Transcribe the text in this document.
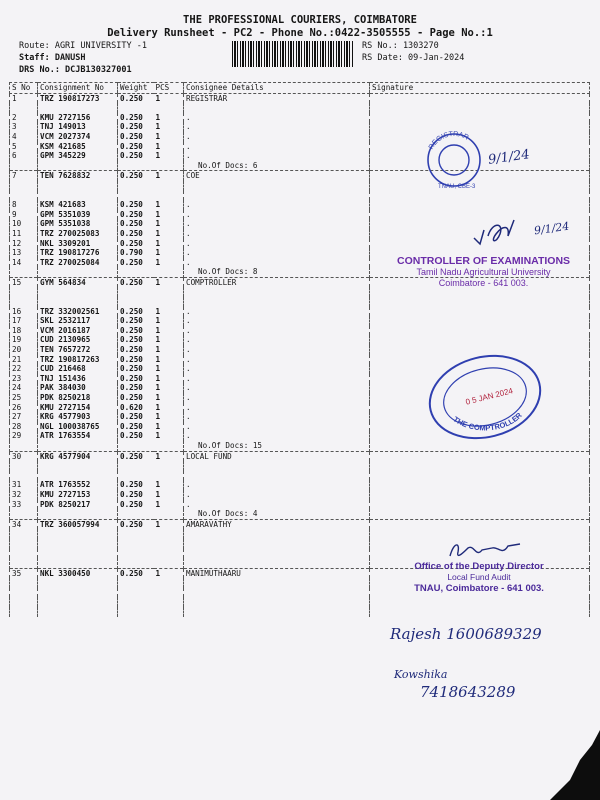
THE PROFESSIONAL COURIERS, COIMBATORE
Delivery Runsheet - PC2 - Phone No.:0422-3505555 - Page No.:1
Route: AGRI UNIVERSITY -1
Staff: DANUSH
DRS No.: DCJB130327001
RS No.: 1303270
RS Date: 09-Jan-2024
S No	Consignment No	Weight	PCS	Consignee Details	Signature
1	TRZ 190817273	0.250	1	REGISTRAR	

2	KMU 2727156	0.250	1	.	
3	TNJ 149013	0.250	1	.	
4	VCM 2027374	0.250	1	.	
5	KSM 421685	0.250	1	.	
6	GPM 345229	0.250	1	.	
				No.Of Docs: 6	
7	TEN 7628832	0.250	1	COE	

8	KSM 421683	0.250	1	.	
9	GPM 5351039	0.250	1	.	
10	GPM 5351038	0.250	1	.	
11	TRZ 270025083	0.250	1	.	
12	NKL 3309201	0.250	1	.	
13	TRZ 190817276	0.790	1	.	
14	TRZ 270025084	0.250	1	.	
				No.Of Docs: 8	
15	GYM 564834	0.250	1	COMPTROLLER	

16	TRZ 332002561	0.250	1	.	
17	SKL 2532117	0.250	1	.	
18	VCM 2016187	0.250	1	.	
19	CUD 2130965	0.250	1	.	
20	TEN 7657272	0.250	1	.	
21	TRZ 190817263	0.250	1	.	
22	CUD 216468	0.250	1	.	
23	TNJ 151436	0.250	1	.	
24	PAK 384030	0.250	1	.	
25	PDK 8250218	0.250	1	.	
26	KMU 2727154	0.620	1	.	
27	KRG 4577903	0.250	1	.	
28	NGL 100038765	0.250	1	.	
29	ATR 1763554	0.250	1	.	
				No.Of Docs: 15	
30	KRG 4577904	0.250	1	LOCAL FUND	

31	ATR 1763552	0.250	1	.	
32	KMU 2727153	0.250	1	.	
33	PDK 8250217	0.250	1	.	
				No.Of Docs: 4	
34	TRZ 360057994	0.250	1	AMARAVATHY	

35	NKL 3300450	0.250	1	MANIMUTHAARU	

REGISTRAR
TNAU, CBE-3
9/1/24
9/1/24
CONTROLLER OF EXAMINATIONS
Tamil Nadu Agricultural University
Coimbatore - 641 003.
THE COMPTROLLER
0 5 JAN 2024
Office of the Deputy Director
Local Fund Audit
TNAU, Coimbatore - 641 003.
Rajesh 1600689329
Kowshika
7418643289
